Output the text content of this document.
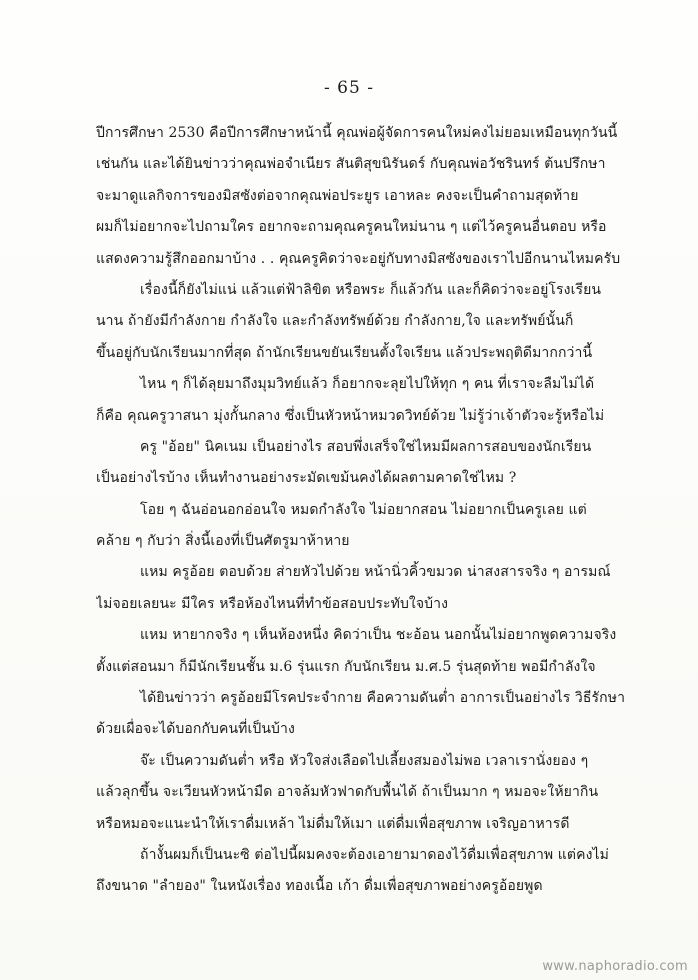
- 65 -
ปีการศึกษา 2530 คือปีการศึกษาหน้านี้ คุณพ่อผู้จัดการคนใหม่คงไม่ยอมเหมือนทุกวันนี้
เช่นกัน และได้ยินข่าวว่าคุณพ่อจำเนียร สันติสุขนิรันดร์ กับคุณพ่อวัชรินทร์ ต้นปรึกษา
จะมาดูแลกิจการของมิสซังต่อจากคุณพ่อประยูร เอาหละ คงจะเป็นคำถามสุดท้าย
ผมก็ไม่อยากจะไปถามใคร อยากจะถามคุณครูคนใหม่นาน ๆ แต่ไว้ครูคนอื่นตอบ หรือ
แสดงความรู้สึกออกมาบ้าง . . คุณครูคิดว่าจะอยู่กับทางมิสซังของเราไปอีกนานไหมครับ
เรื่องนี้ก็ยังไม่แน่ แล้วแต่ฟ้าลิขิต หรือพระ ก็แล้วกัน และก็คิดว่าจะอยู่โรงเรียน
นาน ถ้ายังมีกำลังกาย กำลังใจ และกำลังทรัพย์ด้วย กำลังกาย,ใจ และทรัพย์นั้นก็
ขึ้นอยู่กับนักเรียนมากที่สุด ถ้านักเรียนขยันเรียนตั้งใจเรียน แล้วประพฤติดีมากกว่านี้
ไหน ๆ ก็ได้ลุยมาถึงมุมวิทย์แล้ว ก็อยากจะลุยไปให้ทุก ๆ คน ที่เราจะลืมไม่ได้
ก็คือ คุณครูวาสนา มุ่งกั้นกลาง ซึ่งเป็นหัวหน้าหมวดวิทย์ด้วย ไม่รู้ว่าเจ้าตัวจะรู้หรือไม่
ครู "อ้อย" นิคเนม เป็นอย่างไร สอบพึ่งเสร็จใช่ไหมมีผลการสอบของนักเรียน
เป็นอย่างไรบ้าง เห็นทำงานอย่างระมัดเขม้นคงได้ผลตามคาดใช่ไหม ?
โอย ๆ ฉันอ่อนอกอ่อนใจ หมดกำลังใจ ไม่อยากสอน ไม่อยากเป็นครูเลย แต่
คล้าย ๆ กับว่า สิ่งนี้เองที่เป็นศัตรูมาห้าหาย
แหม ครูอ้อย ตอบด้วย ส่ายหัวไปด้วย หน้านิ่วคิ้วขมวด น่าสงสารจริง ๆ อารมณ์
ไม่จอยเลยนะ มีใคร หรือห้องไหนที่ทำข้อสอบประทับใจบ้าง
แหม หายากจริง ๆ เห็นห้องหนึ่ง คิดว่าเป็น ชะอ้อน นอกนั้นไม่อยากพูดความจริง
ตั้งแต่สอนมา ก็มีนักเรียนชั้น ม.6 รุ่นแรก กับนักเรียน ม.ศ.5 รุ่นสุดท้าย พอมีกำลังใจ
ได้ยินข่าวว่า ครูอ้อยมีโรคประจำกาย คือความดันต่ำ อาการเป็นอย่างไร วิธีรักษา
ด้วยเผื่อจะได้บอกกับคนที่เป็นบ้าง
จ๊ะ เป็นความดันต่ำ หรือ หัวใจส่งเลือดไปเลี้ยงสมองไม่พอ เวลาเรานั่งยอง ๆ
แล้วลุกขึ้น จะเวียนหัวหน้ามืด อาจล้มหัวฟาดกับพื้นได้ ถ้าเป็นมาก ๆ หมอจะให้ยากิน
หรือหมอจะแนะนำให้เราดื่มเหล้า ไม่ดื่มให้เมา แต่ดื่มเพื่อสุขภาพ เจริญอาหารดี
ถ้างั้นผมก็เป็นนะซิ ต่อไปนี้ผมคงจะต้องเอายามาดองไว้ดื่มเพื่อสุขภาพ แต่คงไม่
ถึงขนาด "ลำยอง" ในหนังเรื่อง ทองเนื้อ เก้า ดื่มเพื่อสุขภาพอย่างครูอ้อยพูด
www.naphoradio.com
